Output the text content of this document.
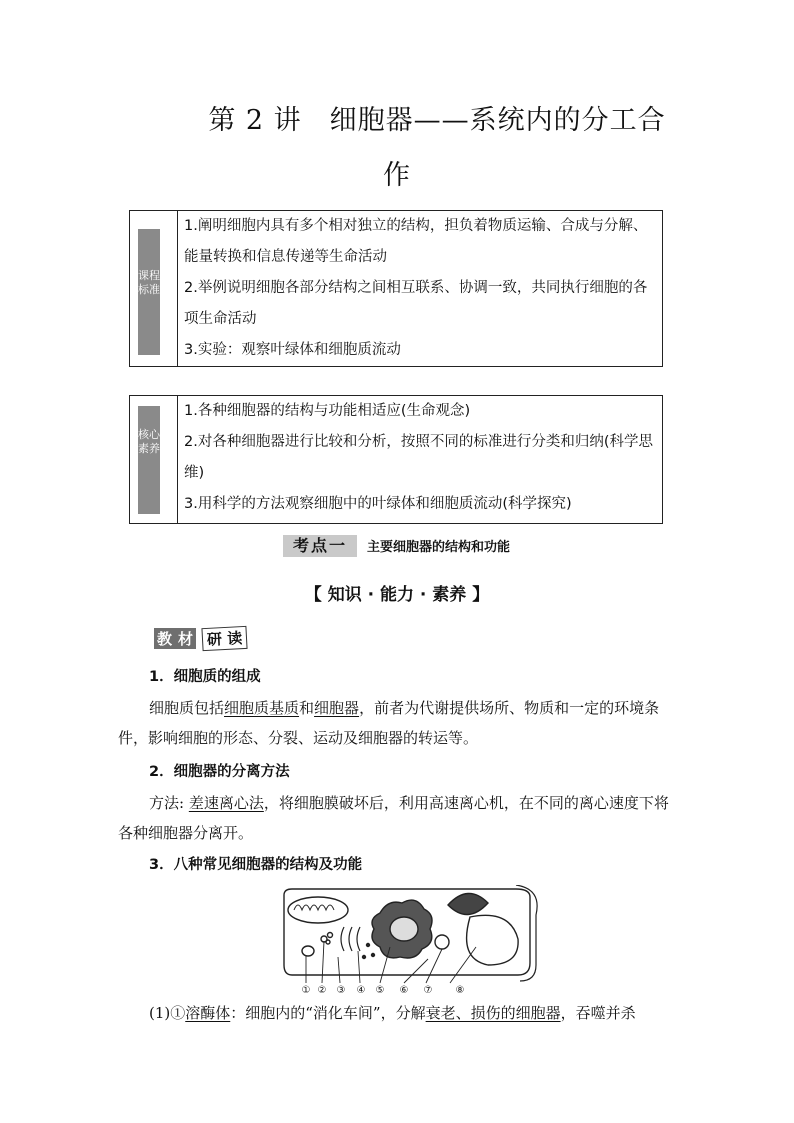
第 2 讲　细胞器——系统内的分工合
作
课程标准
1.阐明细胞内具有多个相对独立的结构，担负着物质运输、合成与分解、能量转换和信息传递等生命活动
2.举例说明细胞各部分结构之间相互联系、协调一致，共同执行细胞的各项生命活动
3.实验：观察叶绿体和细胞质流动
核心素养
1.各种细胞器的结构与功能相适应(生命观念)
2.对各种细胞器进行比较和分析，按照不同的标准进行分类和归纳(科学思维)
3.用科学的方法观察细胞中的叶绿体和细胞质流动(科学探究)
考点一 主要细胞器的结构和功能
【 知识 · 能力 · 素养 】
教 材 研 读
1．细胞质的组成
细胞质包括细胞质基质和细胞器，前者为代谢提供场所、物质和一定的环境条件，影响细胞的形态、分裂、运动及细胞器的转运等。
2．细胞器的分离方法
方法: 差速离心法，将细胞膜破坏后，利用高速离心机，在不同的离心速度下将各种细胞器分离开。
3．八种常见细胞器的结构及功能
① ② ③ ④ ⑤ ⑥ ⑦ ⑧
(1)①溶酶体：细胞内的“消化车间”，分解衰老、损伤的细胞器，吞噬并杀
